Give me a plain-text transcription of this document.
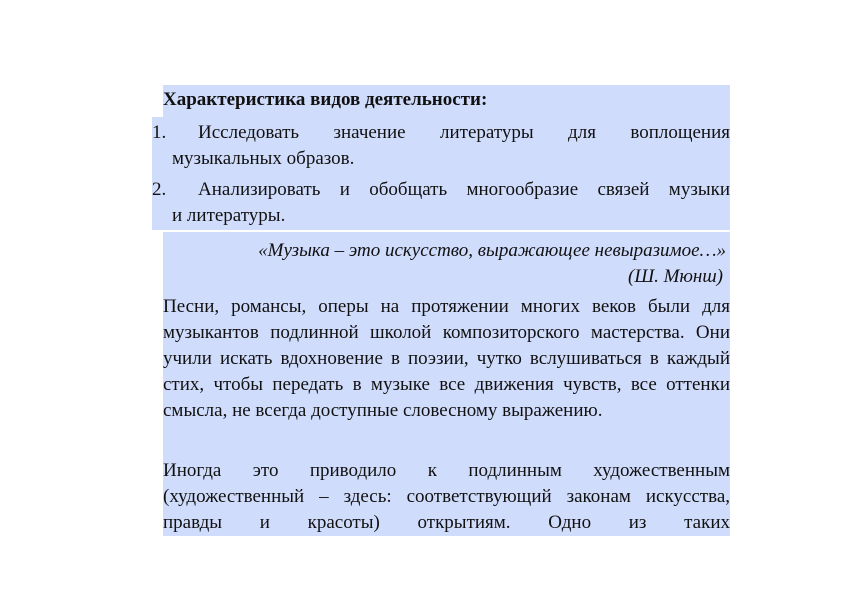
Характеристика видов деятельности:
1. Исследовать значение литературы для воплощения
музыкальных образов.
2. Анализировать и обобщать многообразие связей музыки
и литературы.
«Музыка – это искусство, выражающее невыразимое…»
(Ш. Мюнш)
Песни, романсы, оперы на протяжении многих веков были для музыкантов подлинной школой композиторского мастерства. Они учили искать вдохновение в поэзии, чутко вслушиваться в каждый стих, чтобы передать в музыке все движения чувств, все оттенки смысла, не всегда доступные словесному выражению.
Иногда это приводило к подлинным художественным (художественный – здесь: соответствующий законам искусства, правды и красоты) открытиям. Одно из таких
